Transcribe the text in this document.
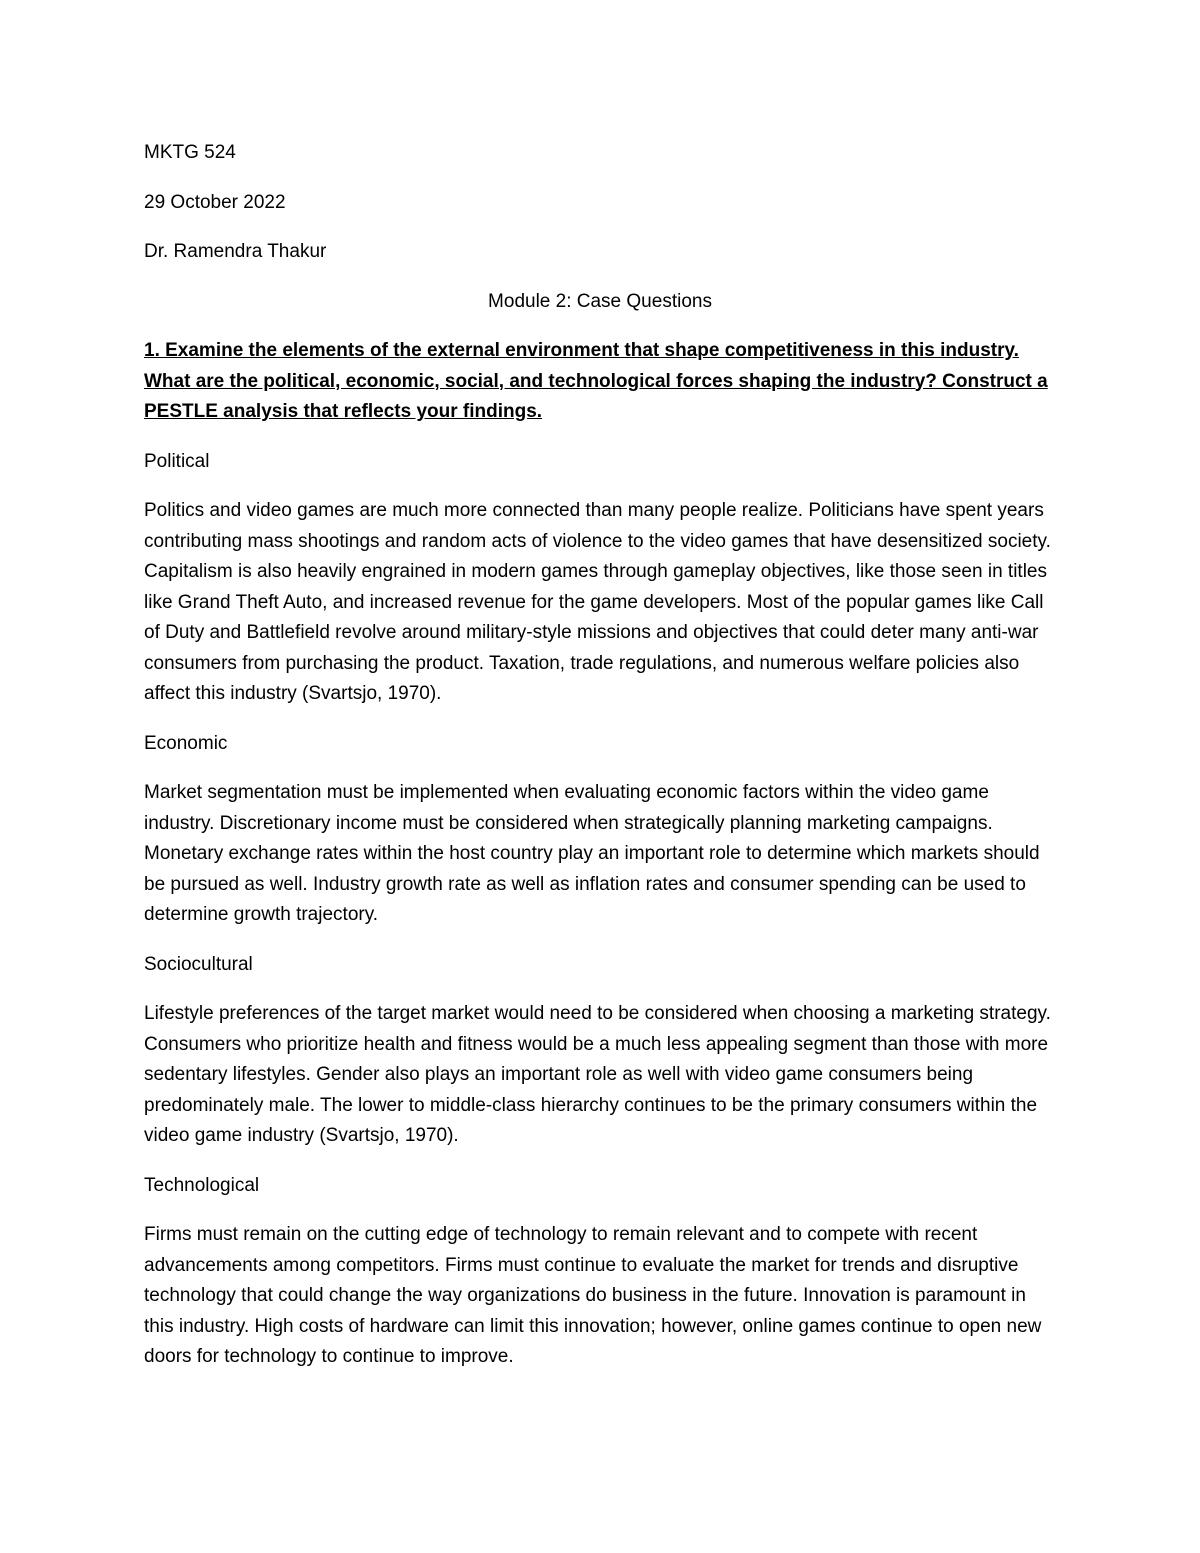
MKTG 524

29 October 2022

Dr. Ramendra Thakur

Module 2: Case Questions

1. Examine the elements of the external environment that shape competitiveness in this industry. What are the political, economic, social, and technological forces shaping the industry? Construct a PESTLE analysis that reflects your findings.

Political

Politics and video games are much more connected than many people realize. Politicians have spent years contributing mass shootings and random acts of violence to the video games that have desensitized society. Capitalism is also heavily engrained in modern games through gameplay objectives, like those seen in titles like Grand Theft Auto, and increased revenue for the game developers. Most of the popular games like Call of Duty and Battlefield revolve around military-style missions and objectives that could deter many anti-war consumers from purchasing the product. Taxation, trade regulations, and numerous welfare policies also affect this industry (Svartsjo, 1970).

Economic

Market segmentation must be implemented when evaluating economic factors within the video game industry. Discretionary income must be considered when strategically planning marketing campaigns. Monetary exchange rates within the host country play an important role to determine which markets should be pursued as well. Industry growth rate as well as inflation rates and consumer spending can be used to determine growth trajectory.

Sociocultural

Lifestyle preferences of the target market would need to be considered when choosing a marketing strategy. Consumers who prioritize health and fitness would be a much less appealing segment than those with more sedentary lifestyles. Gender also plays an important role as well with video game consumers being predominately male. The lower to middle-class hierarchy continues to be the primary consumers within the video game industry (Svartsjo, 1970).

Technological

Firms must remain on the cutting edge of technology to remain relevant and to compete with recent advancements among competitors. Firms must continue to evaluate the market for trends and disruptive technology that could change the way organizations do business in the future. Innovation is paramount in this industry. High costs of hardware can limit this innovation; however, online games continue to open new doors for technology to continue to improve.
